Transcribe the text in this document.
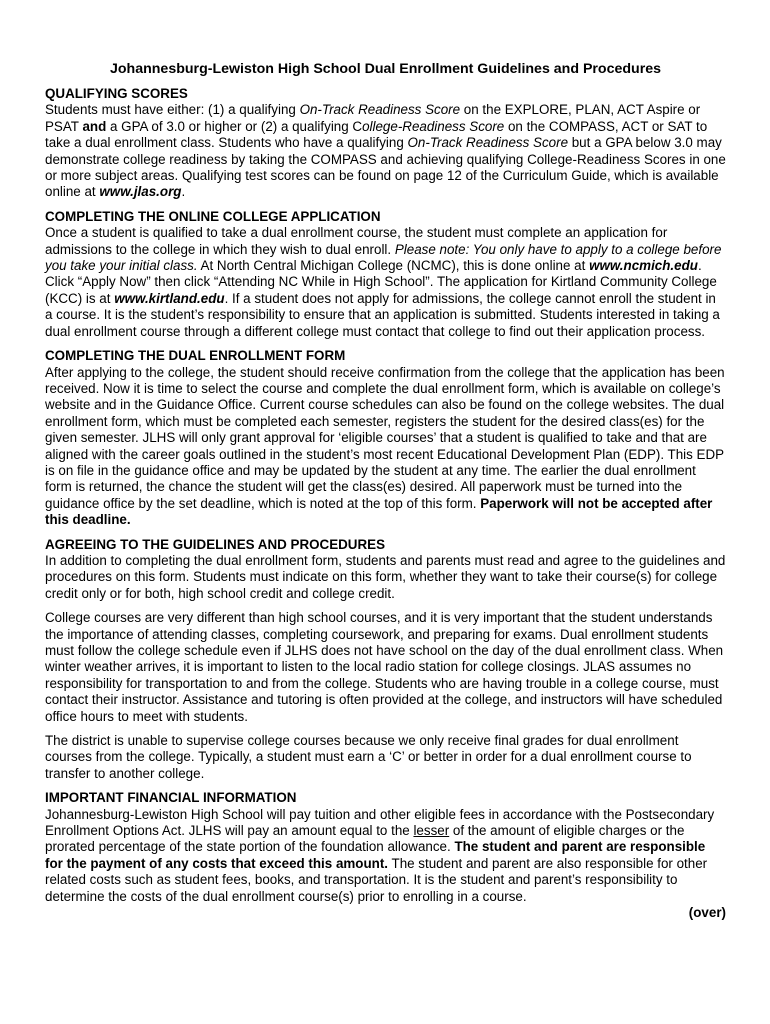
Johannesburg-Lewiston High School Dual Enrollment Guidelines and Procedures
QUALIFYING SCORES
Students must have either: (1) a qualifying On-Track Readiness Score on the EXPLORE, PLAN, ACT Aspire or PSAT and a GPA of 3.0 or higher or (2) a qualifying College-Readiness Score on the COMPASS, ACT or SAT to take a dual enrollment class. Students who have a qualifying On-Track Readiness Score but a GPA below 3.0 may demonstrate college readiness by taking the COMPASS and achieving qualifying College-Readiness Scores in one or more subject areas. Qualifying test scores can be found on page 12 of the Curriculum Guide, which is available online at www.jlas.org.
COMPLETING THE ONLINE COLLEGE APPLICATION
Once a student is qualified to take a dual enrollment course, the student must complete an application for admissions to the college in which they wish to dual enroll. Please note: You only have to apply to a college before you take your initial class. At North Central Michigan College (NCMC), this is done online at www.ncmich.edu. Click “Apply Now” then click “Attending NC While in High School”. The application for Kirtland Community College (KCC) is at www.kirtland.edu. If a student does not apply for admissions, the college cannot enroll the student in a course. It is the student’s responsibility to ensure that an application is submitted. Students interested in taking a dual enrollment course through a different college must contact that college to find out their application process.
COMPLETING THE DUAL ENROLLMENT FORM
After applying to the college, the student should receive confirmation from the college that the application has been received. Now it is time to select the course and complete the dual enrollment form, which is available on college’s website and in the Guidance Office. Current course schedules can also be found on the college websites. The dual enrollment form, which must be completed each semester, registers the student for the desired class(es) for the given semester. JLHS will only grant approval for ‘eligible courses’ that a student is qualified to take and that are aligned with the career goals outlined in the student’s most recent Educational Development Plan (EDP). This EDP is on file in the guidance office and may be updated by the student at any time. The earlier the dual enrollment form is returned, the chance the student will get the class(es) desired. All paperwork must be turned into the guidance office by the set deadline, which is noted at the top of this form. Paperwork will not be accepted after this deadline.
AGREEING TO THE GUIDELINES AND PROCEDURES
In addition to completing the dual enrollment form, students and parents must read and agree to the guidelines and procedures on this form. Students must indicate on this form, whether they want to take their course(s) for college credit only or for both, high school credit and college credit.
College courses are very different than high school courses, and it is very important that the student understands the importance of attending classes, completing coursework, and preparing for exams. Dual enrollment students must follow the college schedule even if JLHS does not have school on the day of the dual enrollment class. When winter weather arrives, it is important to listen to the local radio station for college closings. JLAS assumes no responsibility for transportation to and from the college. Students who are having trouble in a college course, must contact their instructor. Assistance and tutoring is often provided at the college, and instructors will have scheduled office hours to meet with students.
The district is unable to supervise college courses because we only receive final grades for dual enrollment courses from the college. Typically, a student must earn a ‘C’ or better in order for a dual enrollment course to transfer to another college.
IMPORTANT FINANCIAL INFORMATION
Johannesburg-Lewiston High School will pay tuition and other eligible fees in accordance with the Postsecondary Enrollment Options Act. JLHS will pay an amount equal to the lesser of the amount of eligible charges or the prorated percentage of the state portion of the foundation allowance. The student and parent are responsible for the payment of any costs that exceed this amount. The student and parent are also responsible for other related costs such as student fees, books, and transportation. It is the student and parent’s responsibility to determine the costs of the dual enrollment course(s) prior to enrolling in a course.
(over)
